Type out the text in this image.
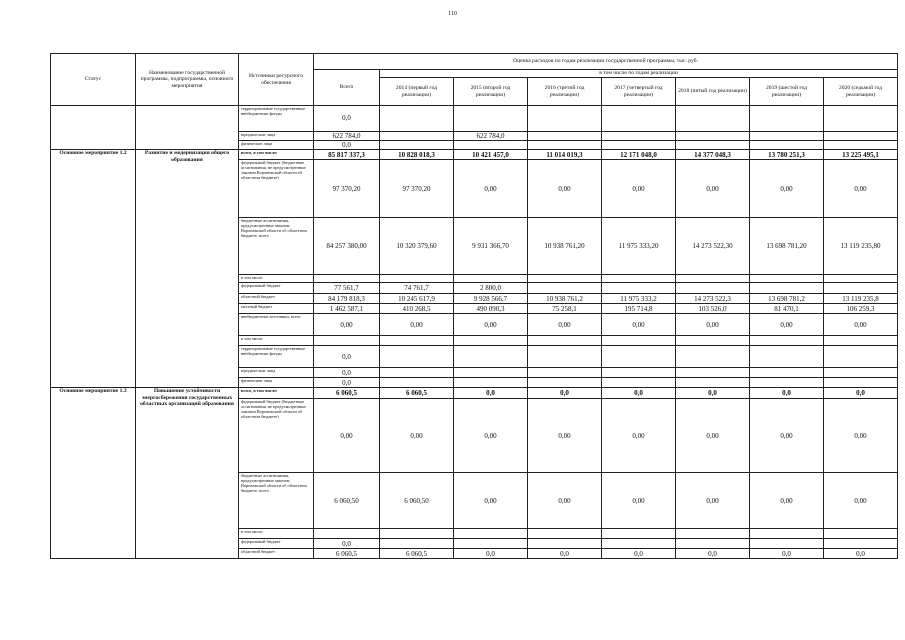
110
Статус	Наименование государственной программы, подпрограммы, основного мероприятия	Источники ресурсного обеспечения	Оценка расходов по годам реализации государственной программы, тыс. руб.							
			Всего	в том числе по годам реализации						
				2014 (первый год реализации)	2015 (второй год реализации)	2016 (третий год реализации)	2017 (четвертый год реализации)	2018 (пятый год реализации)	2019 (шестой год реализации)	2020 (седьмой год реализации)
		территориальные государственные внебюджетные фонды	0,0							
		юридические лица	622 784,0		622 784,0					
		физические лица	0,0							
Основное мероприятие 1.2	Развитие и модернизация общего образования	всего, в том числе:	85 817 337,3	10 828 018,3	10 421 457,0	11 014 019,3	12 171 048,0	14 377 048,3	13 780 251,3	13 225 495,1
		федеральный бюджет (бюджетные ассигнования, не предусмотренные законом Воронежской области об областном бюджете)	97 370,20	97 370,20	0,00	0,00	0,00	0,00	0,00	0,00
		бюджетные ассигнования, предусмотренные законом Воронежской области об областном бюджете, всего	84 257 380,00	10 320 379,60	9 931 366,70	10 938 761,20	11 975 333,20	14 273 522,30	13 698 781,20	13 119 235,80
		в том числе:								
		федеральный бюджет	77 561,7	74 761,7	2 800,0					
		областной бюджет	84 179 818,3	10 245 617,9	9 928 566,7	10 938 761,2	11 975 333,2	14 273 522,3	13 698 781,2	13 119 235,8
		местный бюджет	1 462 587,1	410 268,5	490 090,3	75 258,1	195 714,8	103 526,0	81 470,1	106 259,3
		внебюджетные источники, всего	0,00	0,00	0,00	0,00	0,00	0,00	0,00	0,00
		в том числе:								
		территориальные государственные внебюджетные фонды	0,0							
		юридические лица	0,0							
		физические лица	0,0							
Основное мероприятие 1.3	Повышение устойчивости энергосбережения государственных областных организаций образования	всего, в том числе:	6 060,5	6 060,5	0,0	0,0	0,0	0,0	0,0	0,0
		федеральный бюджет (бюджетные ассигнования, не предусмотренные законом Воронежской области об областном бюджете)	0,00	0,00	0,00	0,00	0,00	0,00	0,00	0,00
		бюджетные ассигнования, предусмотренные законом Воронежской области об областном бюджете, всего	6 060,50	6 060,50	0,00	0,00	0,00	0,00	0,00	0,00
		в том числе:								
		федеральный бюджет	0,0							
		областной бюджет	6 060,5	6 060,5	0,0	0,0	0,0	0,0	0,0	0,0
